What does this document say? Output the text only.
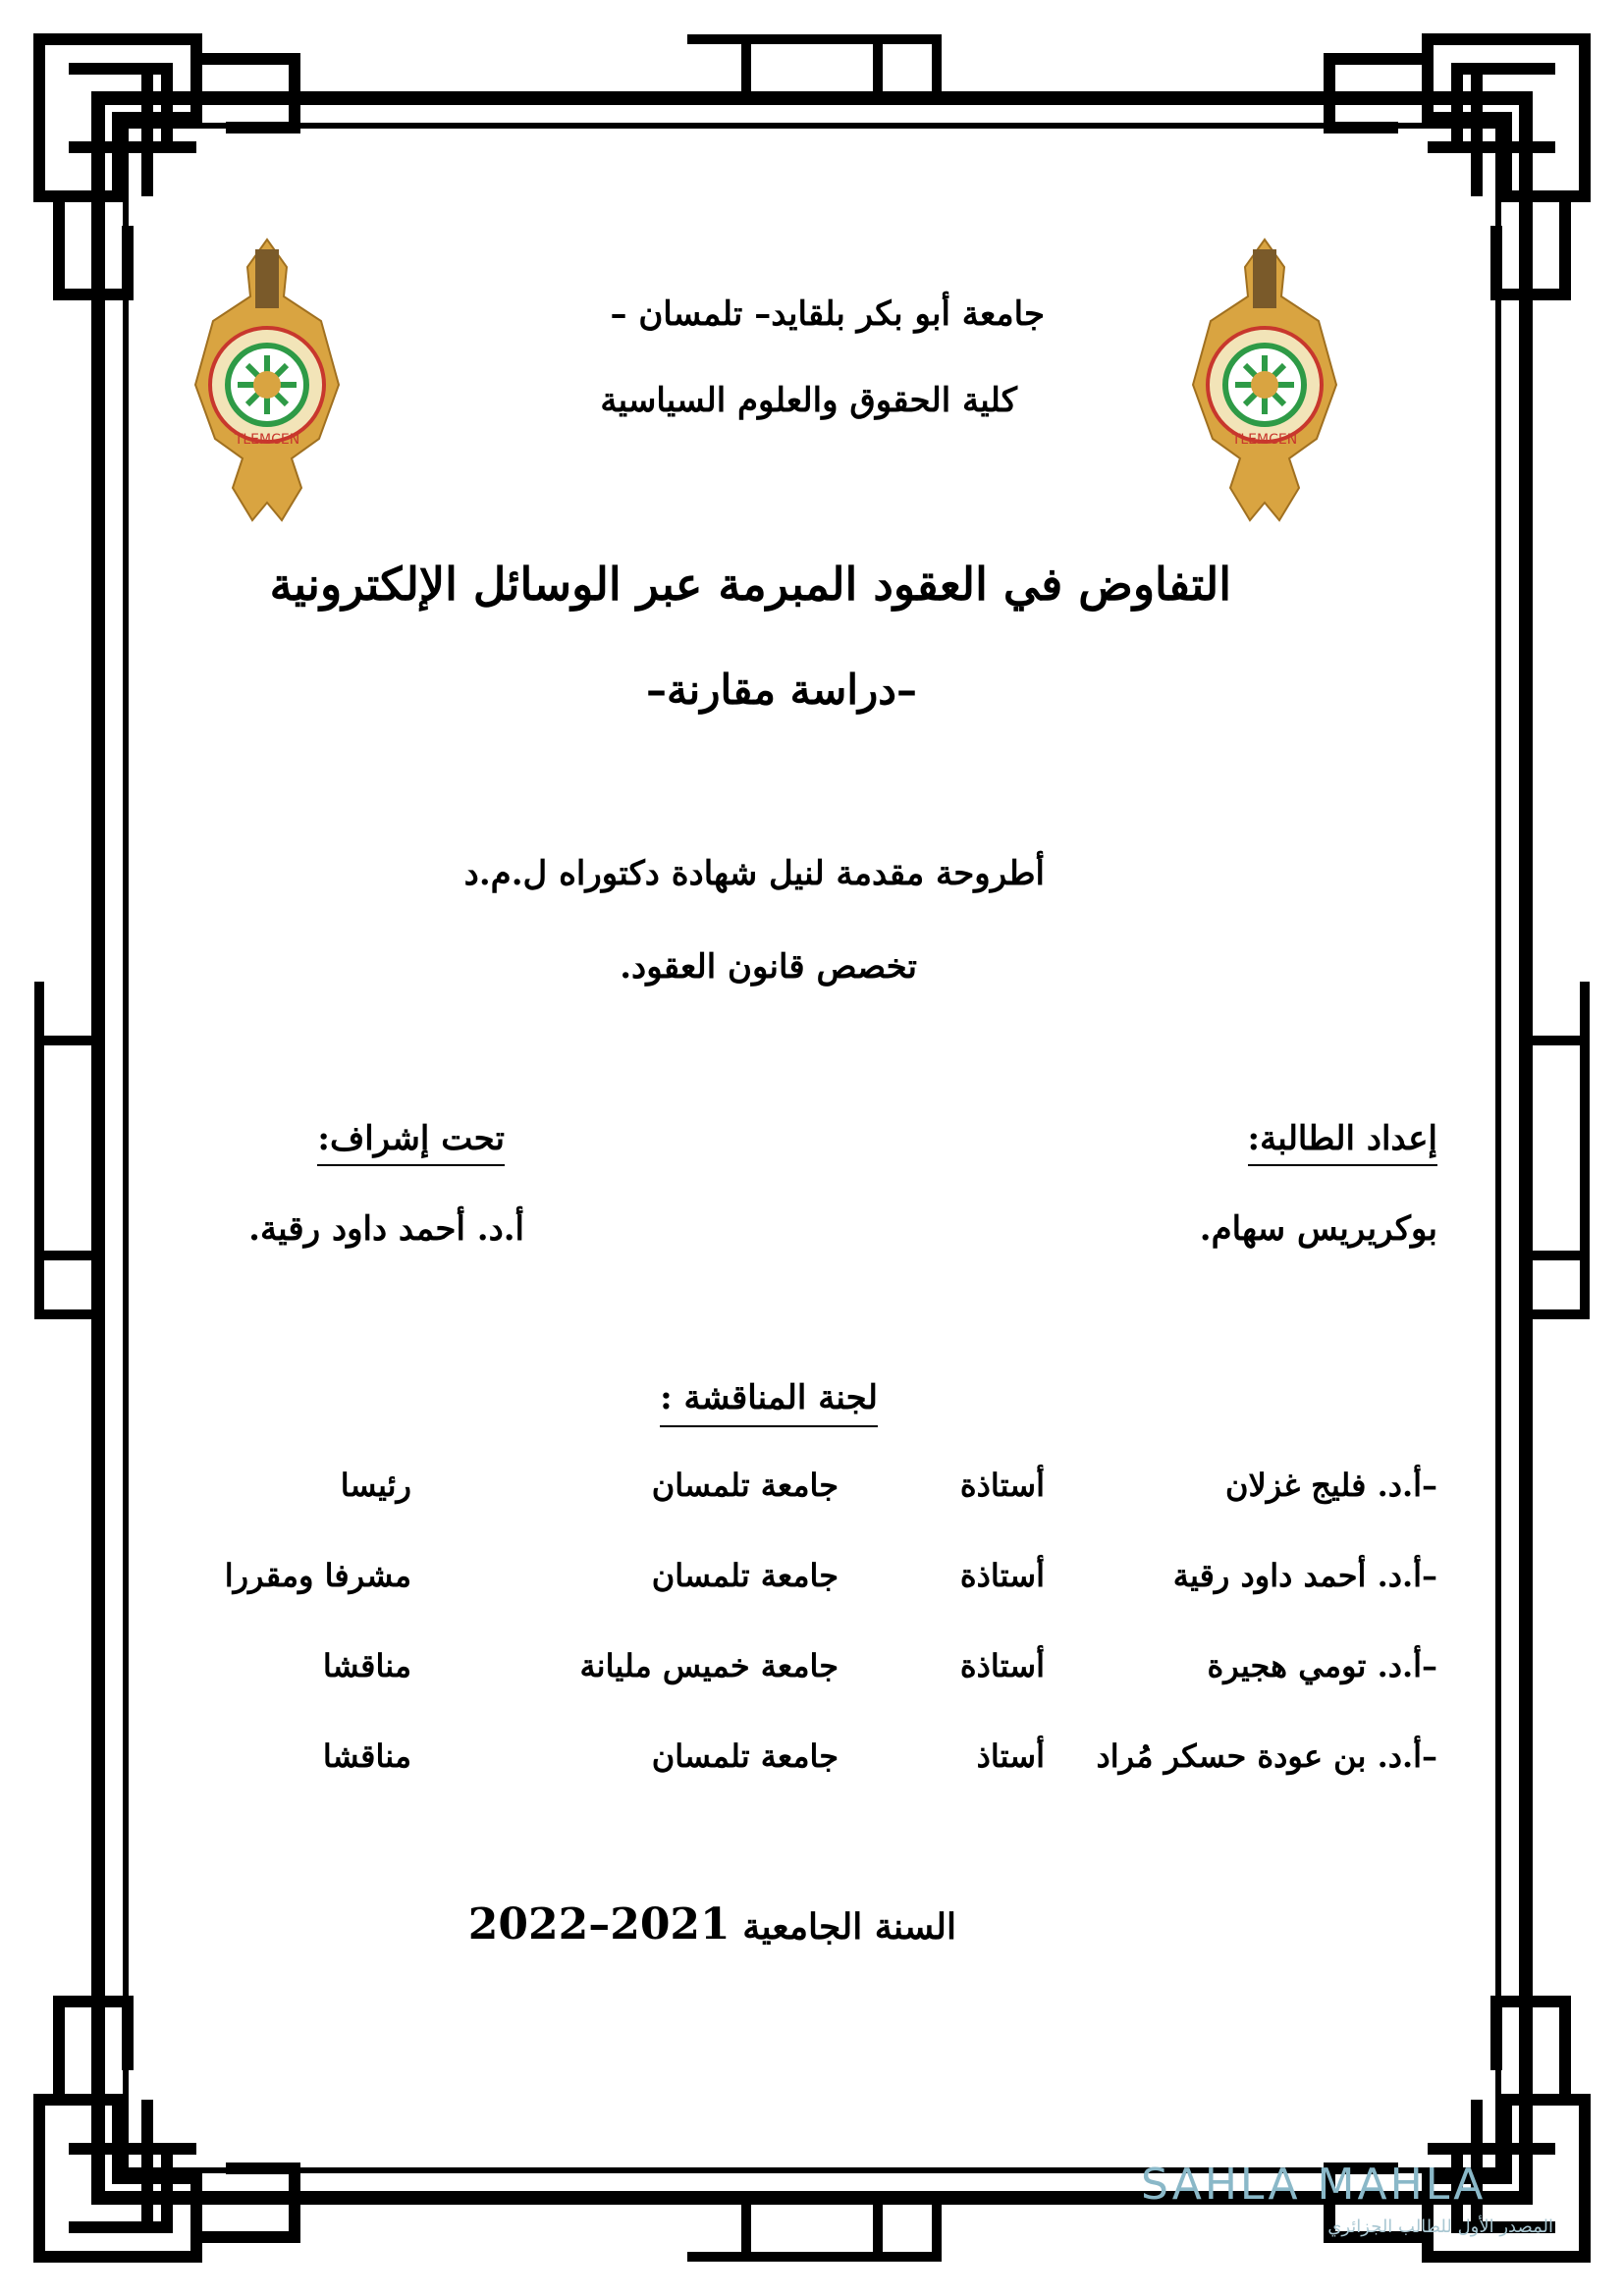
TLEMCEN	TLEMCEN
جامعة أبو بكر بلقايد– تلمسان –
كلية الحقوق والعلوم السياسية
التفاوض في العقود المبرمة عبر الوسائل الإلكترونية
–دراسة مقارنة–
أطروحة مقدمة لنيل شهادة دكتوراه ل.م.د
تخصص قانون العقود.
إعداد الطالبة:
تحت إشراف:
بوكريريس سهام.
أ.د. أحمد داود رقية.
لجنة المناقشة :
–أ.د. فليج غزلان
أستاذة
جامعة تلمسان
رئيسا
–أ.د. أحمد داود رقية
أستاذة
جامعة تلمسان
مشرفا ومقررا
–أ.د. تومي هجيرة
أستاذة
جامعة خميس مليانة
مناقشا
–أ.د. بن عودة حسكر مُراد
أستاذ
جامعة تلمسان
مناقشا
السنة الجامعية 2021–2022
SAHLA MAHLA
المصدر الأول للطالب الجزائري
